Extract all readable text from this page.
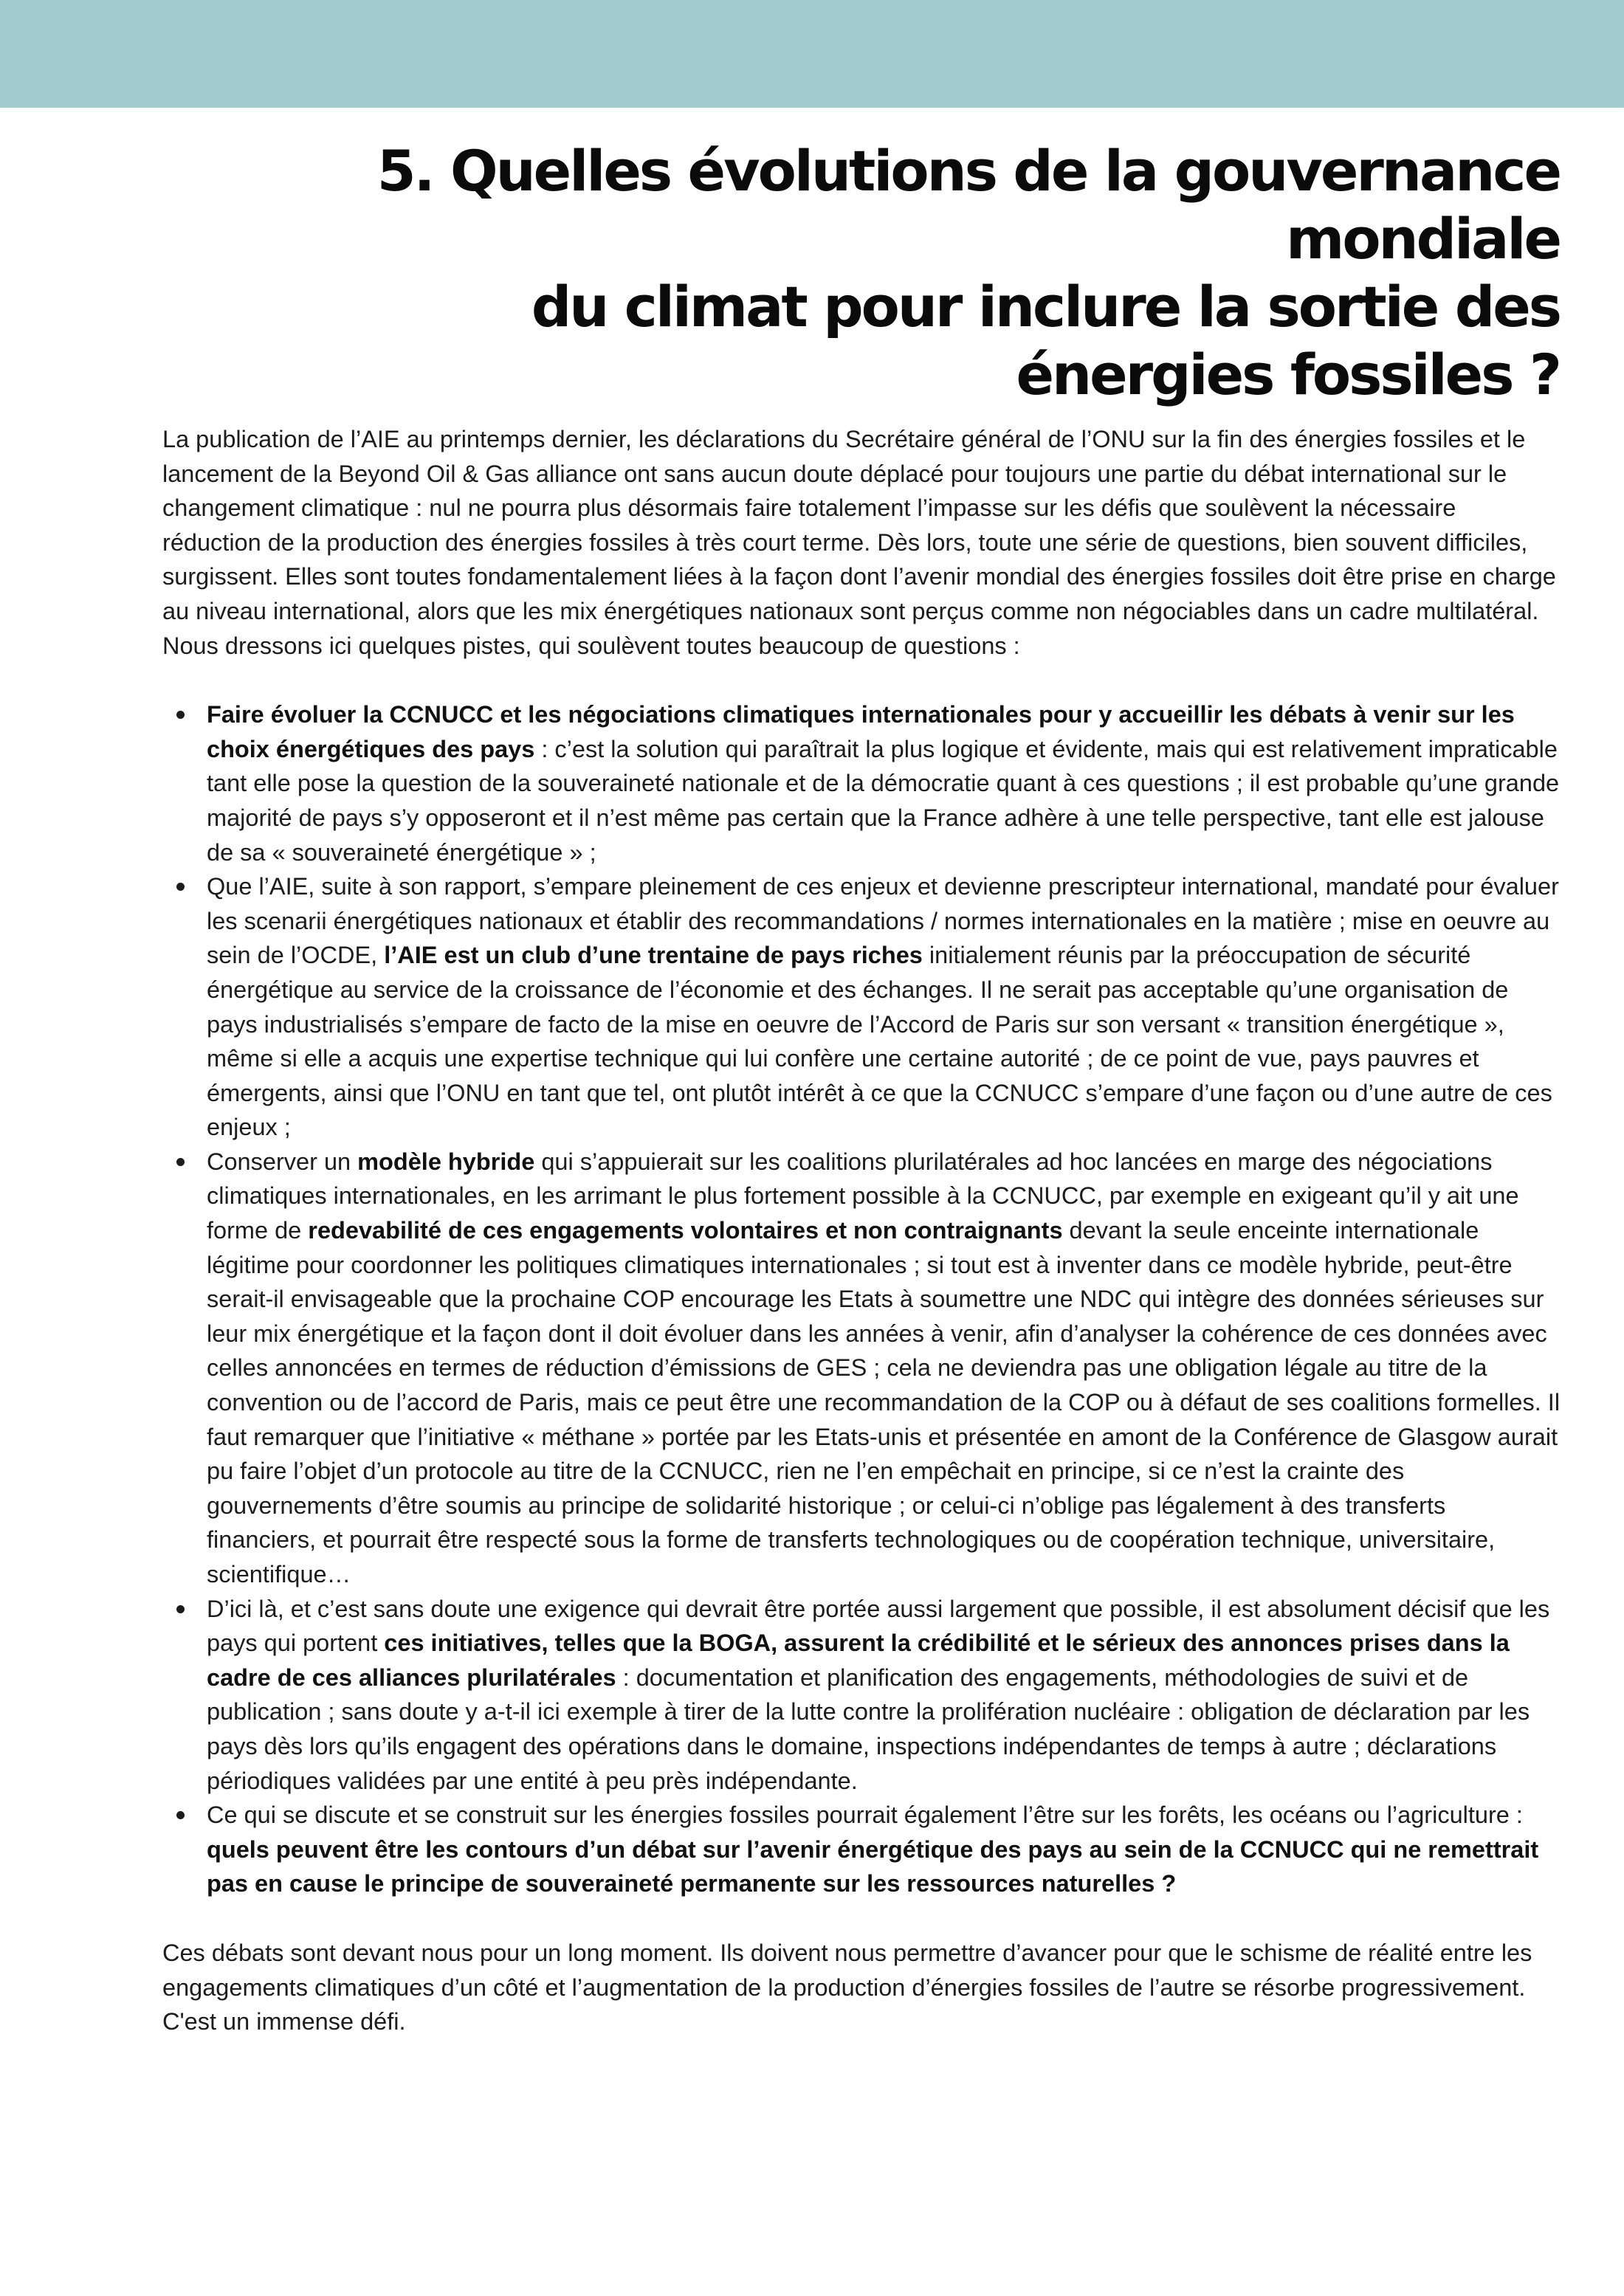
5. Quelles évolutions de la gouvernance mondiale
du climat pour inclure la sortie des
énergies fossiles ?

La publication de l’AIE au printemps dernier, les déclarations du Secrétaire général de l’ONU sur la fin des énergies fossiles et le lancement de la Beyond Oil & Gas alliance ont sans aucun doute déplacé pour toujours une partie du débat international sur le changement climatique : nul ne pourra plus désormais faire totalement l’impasse sur les défis que soulèvent la nécessaire réduction de la production des énergies fossiles à très court terme. Dès lors, toute une série de questions, bien souvent difficiles, surgissent. Elles sont toutes fondamentalement liées à la façon dont l’avenir mondial des énergies fossiles doit être prise en charge au niveau international, alors que les mix énergétiques nationaux sont perçus comme non négociables dans un cadre multilatéral. Nous dressons ici quelques pistes, qui soulèvent toutes beaucoup de questions :

Faire évoluer la CCNUCC et les négociations climatiques internationales pour y accueillir les débats à venir sur les choix énergétiques des pays : c’est la solution qui paraîtrait la plus logique et évidente, mais qui est relativement impraticable tant elle pose la question de la souveraineté nationale et de la démocratie quant à ces questions ; il est probable qu’une grande majorité de pays s’y opposeront et il n’est même pas certain que la France adhère à une telle perspective, tant elle est jalouse de sa « souveraineté énergétique » ;
Que l’AIE, suite à son rapport, s’empare pleinement de ces enjeux et devienne prescripteur international, mandaté pour évaluer les scenarii énergétiques nationaux et établir des recommandations / normes internationales en la matière ; mise en oeuvre au sein de l’OCDE, l’AIE est un club d’une trentaine de pays riches initialement réunis par la préoccupation de sécurité énergétique au service de la croissance de l’économie et des échanges. Il ne serait pas acceptable qu’une organisation de pays industrialisés s’empare de facto de la mise en oeuvre de l’Accord de Paris sur son versant « transition énergétique », même si elle a acquis une expertise technique qui lui confère une certaine autorité ; de ce point de vue, pays pauvres et émergents, ainsi que l’ONU en tant que tel, ont plutôt intérêt à ce que la CCNUCC s’empare d’une façon ou d’une autre de ces enjeux ;
Conserver un modèle hybride qui s’appuierait sur les coalitions plurilatérales ad hoc lancées en marge des négociations climatiques internationales, en les arrimant le plus fortement possible à la CCNUCC, par exemple en exigeant qu’il y ait une forme de redevabilité de ces engagements volontaires et non contraignants devant la seule enceinte internationale légitime pour coordonner les politiques climatiques internationales ; si tout est à inventer dans ce modèle hybride, peut-être serait-il envisageable que la prochaine COP encourage les Etats à soumettre une NDC qui intègre des données sérieuses sur leur mix énergétique et la façon dont il doit évoluer dans les années à venir, afin d’analyser la cohérence de ces données avec celles annoncées en termes de réduction d’émissions de GES ; cela ne deviendra pas une obligation légale au titre de la convention ou de l’accord de Paris, mais ce peut être une recommandation de la COP ou à défaut de ses coalitions formelles. Il faut remarquer que l’initiative « méthane » portée par les Etats-unis et présentée en amont de la Conférence de Glasgow aurait pu faire l’objet d’un protocole au titre de la CCNUCC, rien ne l’en empêchait en principe, si ce n’est la crainte des gouvernements d’être soumis au principe de solidarité historique ; or celui-ci n’oblige pas légalement à des transferts financiers, et pourrait être respecté sous la forme de transferts technologiques ou de coopération technique, universitaire, scientifique…
D’ici là, et c’est sans doute une exigence qui devrait être portée aussi largement que possible, il est absolument décisif que les pays qui portent ces initiatives, telles que la BOGA, assurent la crédibilité et le sérieux des annonces prises dans la cadre de ces alliances plurilatérales : documentation et planification des engagements, méthodologies de suivi et de publication ; sans doute y a-t-il ici exemple à tirer de la lutte contre la prolifération nucléaire : obligation de déclaration par les pays dès lors qu’ils engagent des opérations dans le domaine, inspections indépendantes de temps à autre ; déclarations périodiques validées par une entité à peu près indépendante.
Ce qui se discute et se construit sur les énergies fossiles pourrait également l’être sur les forêts, les océans ou l’agriculture : quels peuvent être les contours d’un débat sur l’avenir énergétique des pays au sein de la CCNUCC qui ne remettrait pas en cause le principe de souveraineté permanente sur les ressources naturelles ?

Ces débats sont devant nous pour un long moment. Ils doivent nous permettre d’avancer pour que le schisme de réalité entre les engagements climatiques d’un côté et l’augmentation de la production d’énergies fossiles de l’autre se résorbe progressivement. C'est un immense défi.
